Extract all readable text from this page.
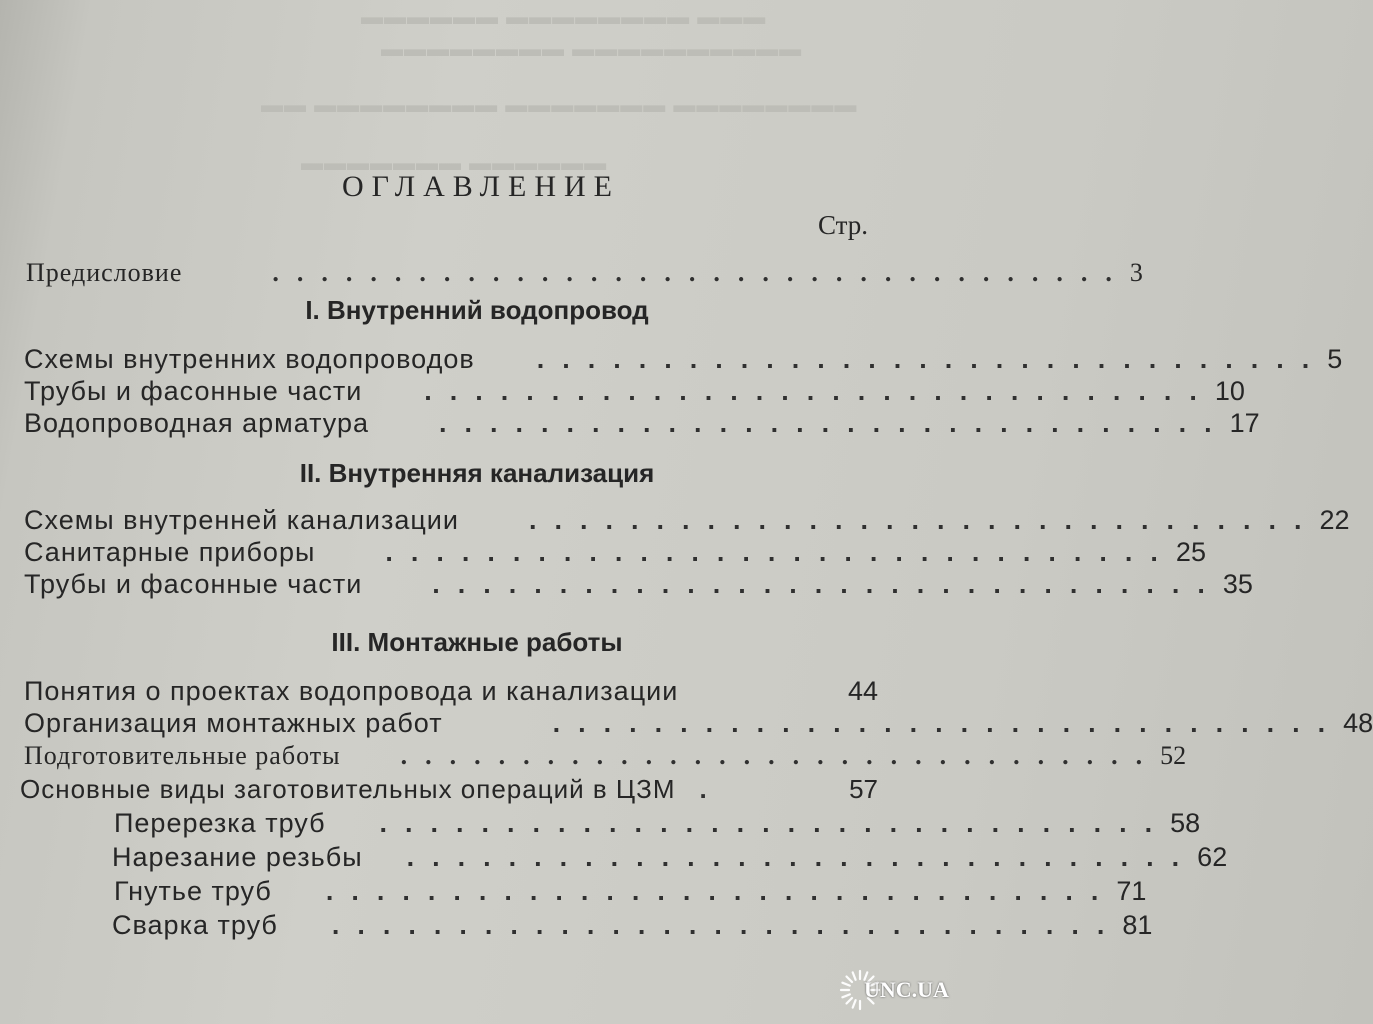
▬▬▬ ▬▬▬▬▬▬▬▬ ▬▬▬▬▬▬
▬▬▬▬▬▬▬▬▬▬ ▬▬▬▬▬▬▬▬
▬▬▬▬▬▬▬▬ ▬▬▬▬▬▬▬ ▬▬▬▬▬▬▬▬ ▬▬
▬▬▬▬▬▬ ▬▬▬▬▬▬▬
ОГЛАВЛЕНИЕ
Стр.
Предисловие	................................... 3
I. Внутренний водопровод
Схемы внутренних водопроводов	............................... 5
Трубы и фасонные части	............................... 10
Водопроводная арматура	............................... 17
II. Внутренняя канализация
Схемы внутренней канализации	............................... 22
Санитарные приборы	............................... 25
Трубы и фасонные части	............................... 35
III. Монтажные работы
Понятия о проектах водопровода и канализации	44
Организация монтажных работ	............................... 48
Подготовительные работы	............................... 52
Основные виды заготовительных операций в ЦЗМ .	57
Перерезка труб	............................... 58
Нарезание резьбы	............................... 62
Гнутье труб	............................... 71
Сварка труб	............................... 81
UNC.UA
